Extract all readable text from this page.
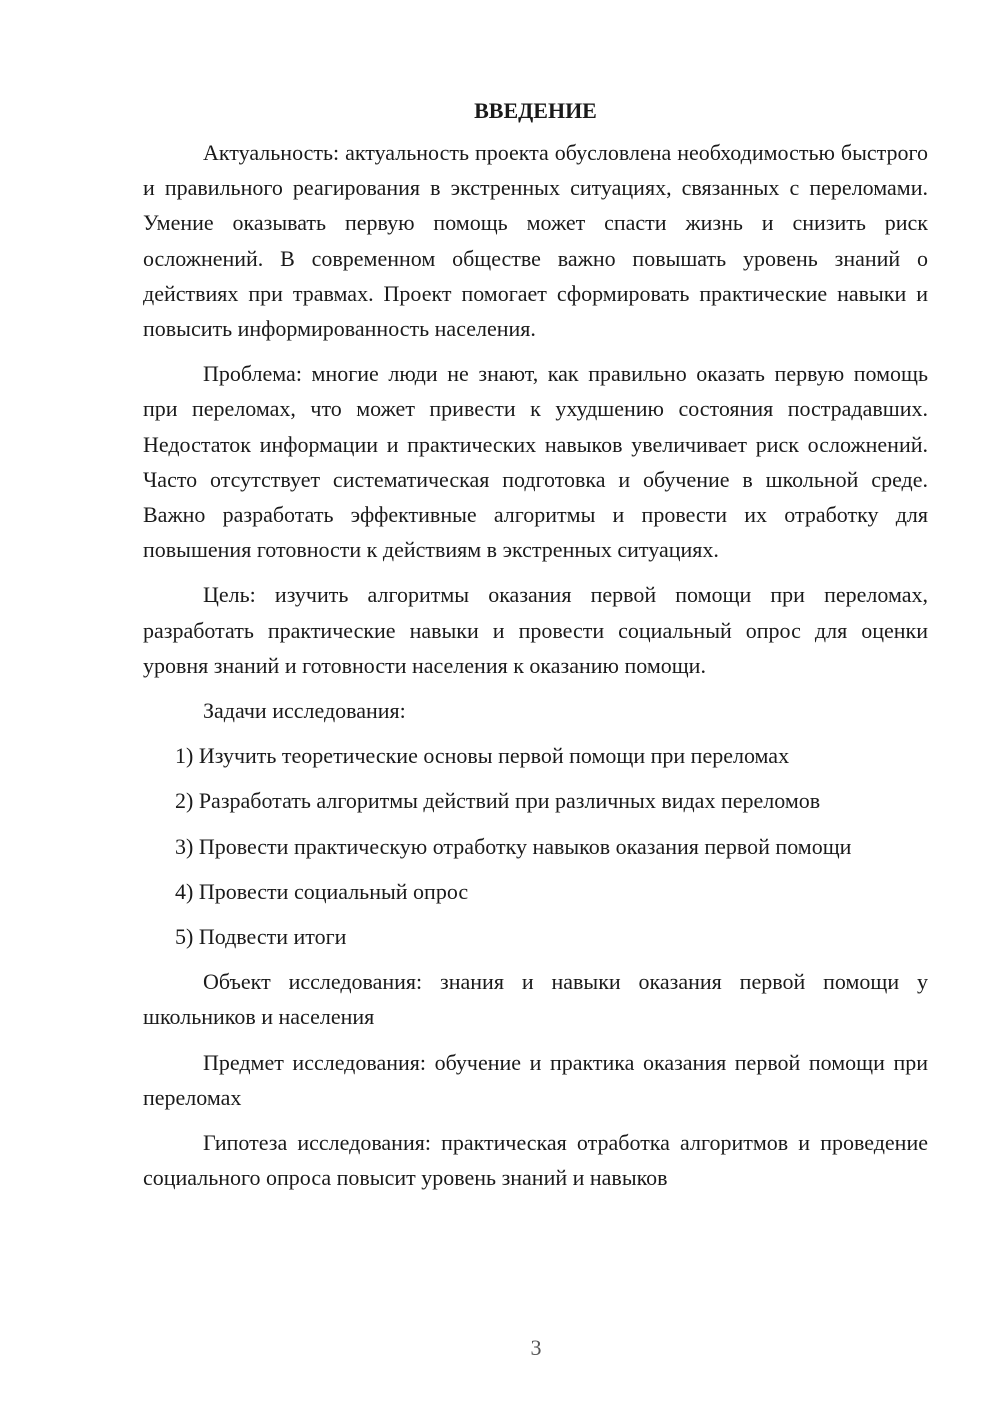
ВВЕДЕНИЕ

Актуальность: актуальность проекта обусловлена необходимостью быстрого и правильного реагирования в экстренных ситуациях, связанных с переломами. Умение оказывать первую помощь может спасти жизнь и снизить риск осложнений. В современном обществе важно повышать уровень знаний о действиях при травмах. Проект помогает сформировать практические навыки и повысить информированность населения.

Проблема: многие люди не знают, как правильно оказать первую помощь при переломах, что может привести к ухудшению состояния пострадавших. Недостаток информации и практических навыков увеличивает риск осложнений. Часто отсутствует систематическая подготовка и обучение в школьной среде. Важно разработать эффективные алгоритмы и провести их отработку для повышения готовности к действиям в экстренных ситуациях.

Цель: изучить алгоритмы оказания первой помощи при переломах, разработать практические навыки и провести социальный опрос для оценки уровня знаний и готовности населения к оказанию помощи.

Задачи исследования:

1) Изучить теоретические основы первой помощи при переломах

2) Разработать алгоритмы действий при различных видах переломов

3) Провести практическую отработку навыков оказания первой помощи

4) Провести социальный опрос

5) Подвести итоги

Объект исследования: знания и навыки оказания первой помощи у школьников и населения

Предмет исследования: обучение и практика оказания первой помощи при переломах

Гипотеза исследования: практическая отработка алгоритмов и проведение социального опроса повысит уровень знаний и навыков

3
